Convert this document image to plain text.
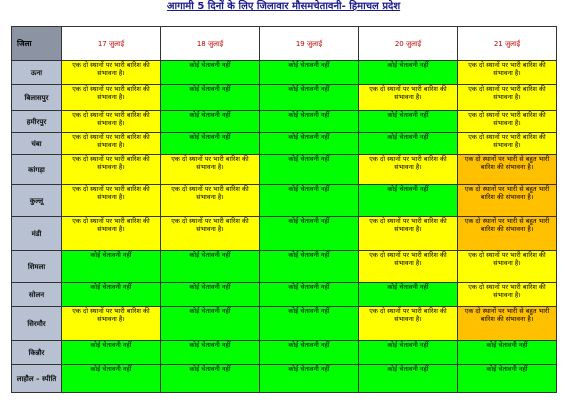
आगामी 5 दिनों के लिए जिलावार मौसमचेतावनी- हिमाचल प्रदेश
जिला	17 जुलाई	18 जुलाई	19 जुलाई	20 जुलाई	21 जुलाई
ऊना	एक दो स्थानों पर भारी बारिश की संभावना है।	कोई चेतावनी नहीं	कोई चेतावनी नहीं	कोई चेतावनी नहीं	एक दो स्थानों पर भारी बारिश की संभावना है।

बिलासपुर	एक दो स्थानों पर भारी बारिश की संभावना है।	कोई चेतावनी नहीं	कोई चेतावनी नहीं	एक दो स्थानों पर भारी बारिश की संभावना है।	एक दो स्थानों पर भारी बारिश की संभावना है।

हमीरपुर	एक दो स्थानों पर भारी बारिश की संभावना है।	कोई चेतावनी नहीं	कोई चेतावनी नहीं	कोई चेतावनी नहीं	एक दो स्थानों पर भारी बारिश की संभावना है।

चंबा	एक दो स्थानों पर भारी बारिश की संभावना है।	कोई चेतावनी नहीं	कोई चेतावनी नहीं	कोई चेतावनी नहीं	एक दो स्थानों पर भारी बारिश की संभावना है।

कांगड़ा	एक दो स्थानों पर भारी बारिश की संभावना है।	एक दो स्थानों पर भारी बारिश की संभावना है।	कोई चेतावनी नहीं	एक दो स्थानों पर भारी बारिश की संभावना है।	एक दो स्थानों पर भारी से बहुत भारी बारिश की संभावना है।

कुल्लू	एक दो स्थानों पर भारी बारिश की संभावना है।	एक दो स्थानों पर भारी बारिश की संभावना है।	कोई चेतावनी नहीं	कोई चेतावनी नहीं	एक दो स्थानों पर भारी से बहुत भारी बारिश की संभावना है।

मंडी	एक दो स्थानों पर भारी बारिश की संभावना है।	एक दो स्थानों पर भारी बारिश की संभावना है।	कोई चेतावनी नहीं	एक दो स्थानों पर भारी बारिश की संभावना है।	एक दो स्थानों पर भारी से बहुत भारी बारिश की संभावना है।

शिमला	कोई चेतावनी नहीं	कोई चेतावनी नहीं	कोई चेतावनी नहीं	एक दो स्थानों पर भारी बारिश की संभावना है।	एक दो स्थानों पर भारी बारिश की संभावना है।

सोलन	कोई चेतावनी नहीं	कोई चेतावनी नहीं	कोई चेतावनी नहीं	कोई चेतावनी नहीं	एक दो स्थानों पर भारी बारिश की संभावना है।

सिरमौर	एक दो स्थानों पर भारी बारिश की संभावना है।	कोई चेतावनी नहीं	कोई चेतावनी नहीं	एक दो स्थानों पर भारी बारिश की संभावना है।	एक दो स्थानों पर भारी से बहुत भारी बारिश की संभावना है।

किन्नौर	कोई चेतावनी नहीं	कोई चेतावनी नहीं	कोई चेतावनी नहीं	कोई चेतावनी नहीं	कोई चेतावनी नहीं

लाहौल – स्पीति	कोई चेतावनी नहीं	कोई चेतावनी नहीं	कोई चेतावनी नहीं	कोई चेतावनी नहीं	कोई चेतावनी नहीं
